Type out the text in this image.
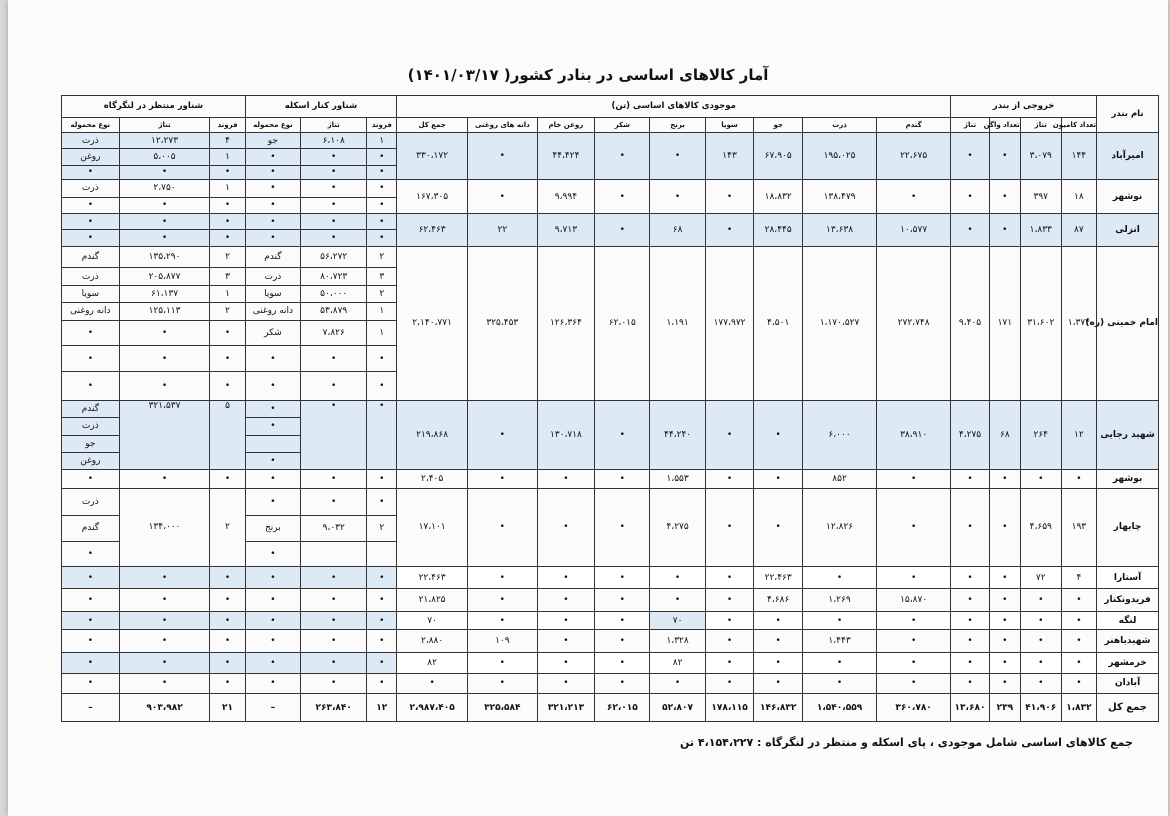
آمار کالاهای اساسی در بنادر کشور( ۱۴۰۱/۰۳/۱۷)
نام بندر	خروجی از بندر				موجودی کالاهای اساسی (تن)									شناور کنار اسکله			شناور منتظر در لنگرگاه		
	تعداد کامیون	تناژ	تعداد واگن	تناژ	گندم	ذرت	جو	سویا	برنج	شکر	روغن خام	دانه های روغنی	جمع کل	فروند	تناژ	نوع محموله	فروند	تناژ	نوع محموله
امیرآباد	۱۴۴	۳،۰۷۹	•	•	۲۲،۶۷۵	۱۹۵،۰۲۵	۶۷،۹۰۵	۱۴۳	•	•	۴۴،۴۲۴	•	۳۳۰،۱۷۲	۱	۶،۱۰۸	جو	۴	۱۲،۲۷۳	ذرت
														•	•	•	۱	۵،۰۰۵	روغن
														•	•	•	•	•	•
نوشهر	۱۸	۳۹۷	•	•	•	۱۳۸،۴۷۹	۱۸،۸۳۲	•	•	•	۹،۹۹۴	•	۱۶۷،۳۰۵	•	•	•	۱	۲،۷۵۰	ذرت
														•	•	•	•	•	•
انزلی	۸۷	۱،۸۳۳	•	•	۱۰،۵۷۷	۱۳،۶۳۸	۲۸،۴۴۵	•	۶۸	•	۹،۷۱۳	۲۲	۶۲،۴۶۳	•	•	•	•	•	•
														•	•	•	•	•	•
امام خمینی (ره)	۱،۳۷۴	۳۱،۶۰۲	۱۷۱	۹،۴۰۵	۲۷۲،۷۴۸	۱،۱۷۰،۵۲۷	۴،۵۰۱	۱۷۷،۹۷۲	۱،۱۹۱	۶۲،۰۱۵	۱۲۶،۳۶۴	۳۲۵،۴۵۳	۲،۱۴۰،۷۷۱	۲	۵۶،۲۷۲	گندم	۲	۱۳۵،۲۹۰	گندم
														۳	۸۰،۷۲۳	ذرت	۳	۲۰۵،۸۷۷	ذرت
														۲	۵۰،۰۰۰	سویا	۱	۶۱،۱۳۷	سویا
														۱	۵۳،۸۷۹	دانه روغنی	۲	۱۲۵،۱۱۳	دانه روغنی
														۱	۷،۸۲۶	شکر	•	•	•
														•	•	•	•	•	•
														•	•	•	•	•	•
شهید رجایی	۱۲	۲۶۴	۶۸	۴،۲۷۵	۳۸،۹۱۰	۶،۰۰۰	•	•	۴۴،۲۴۰	•	۱۳۰،۷۱۸	•	۲۱۹،۸۶۸	•	•	•	۵	۳۲۱،۵۳۷	گندم
																•			ذرت
																			جو
																•			روغن
بوشهر	•	•	•	•	•	۸۵۲	•	•	۱،۵۵۳	•	•	•	۲،۴۰۵	•	•	•	•	•	•
چابهار	۱۹۳	۴،۶۵۹	•	•	•	۱۲،۸۲۶	•	•	۴،۲۷۵	•	•	•	۱۷،۱۰۱	•	•	•	۲	۱۳۴،۰۰۰	ذرت
														۲	۹،۰۳۲	برنج			گندم
																•			•
آستارا	۴	۷۲	•	•	•	•	۲۲،۴۶۳	•	•	•	•	•	۲۲،۴۶۳	•	•	•	•	•	•
فریدونکنار	•	•	•	•	۱۵،۸۷۰	۱،۲۶۹	۴،۶۸۶	•	•	•	•	•	۲۱،۸۲۵	•	•	•	•	•	•
لنگه	•	•	•	•	•	•	•	•	۷۰	•	•	•	۷۰	•	•	•	•	•	•
شهیدباهنر	•	•	•	•	•	۱،۴۴۳	•	•	۱،۳۲۸	•	•	۱۰۹	۲،۸۸۰	•	•	•	•	•	•
خرمشهر	•	•	•	•	•	•	•	•	۸۲	•	•	•	۸۲	•	•	•	•	•	•
آبادان	•	•	•	•	•	•	•	•	•	•	•	•	•	•	•	•	•	•	•
جمع کل	۱،۸۳۲	۴۱،۹۰۶	۲۳۹	۱۳،۶۸۰	۳۶۰،۷۸۰	۱،۵۴۰،۵۵۹	۱۴۶،۸۳۲	۱۷۸،۱۱۵	۵۲،۸۰۷	۶۲،۰۱۵	۳۲۱،۲۱۳	۳۲۵،۵۸۴	۲،۹۸۷،۴۰۵	۱۲	۲۶۳،۸۴۰	–	۲۱	۹۰۳،۹۸۲	–
جمع کالاهای اساسی شامل موجودی ، پای اسکله و منتظر در لنگرگاه : ۴،۱۵۴،۲۲۷ تن
